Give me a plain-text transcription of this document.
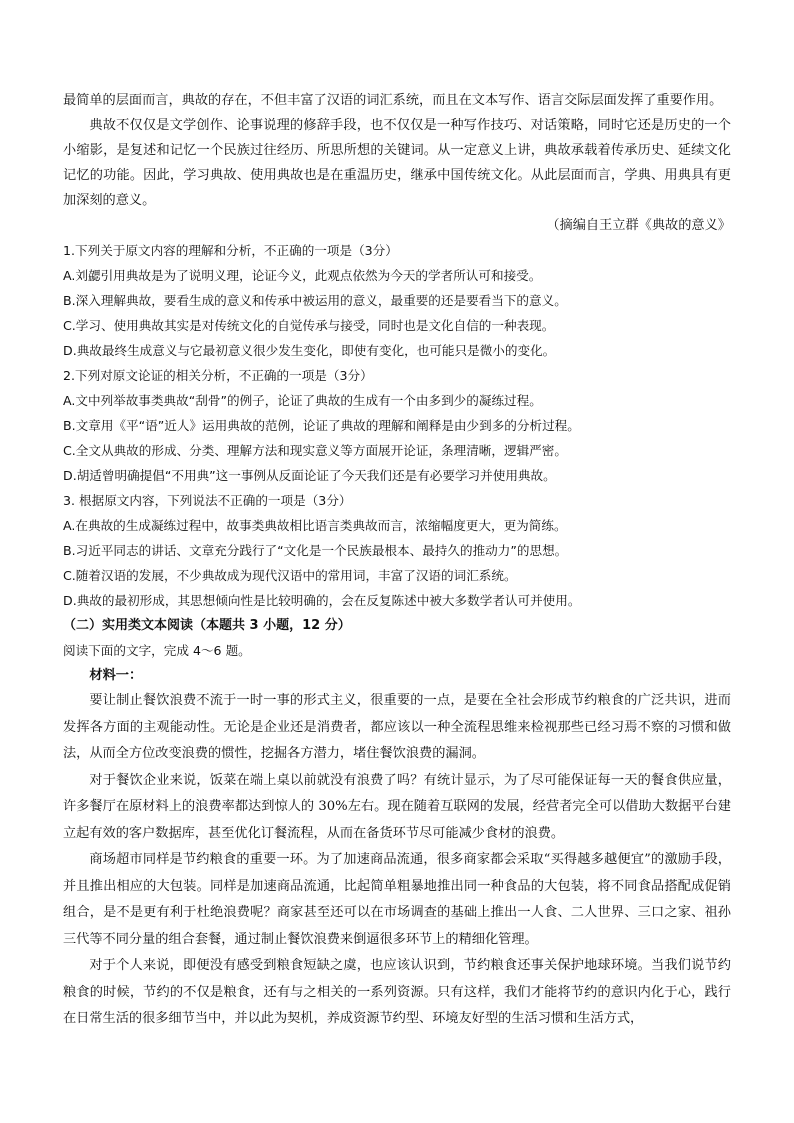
最简单的层面而言，典故的存在，不但丰富了汉语的词汇系统，而且在文本写作、语言交际层面发挥了重要作用。

典故不仅仅是文学创作、论事说理的修辞手段，也不仅仅是一种写作技巧、对话策略，同时它还是历史的一个小缩影，是复述和记忆一个民族过往经历、所思所想的关键词。从一定意义上讲，典故承载着传承历史、延续文化记忆的功能。因此，学习典故、使用典故也是在重温历史，继承中国传统文化。从此层面而言，学典、用典具有更加深刻的意义。

（摘编自王立群《典故的意义》

1.下列关于原文内容的理解和分析，不正确的一项是（3分）

A.刘勰引用典故是为了说明义理，论证今义，此观点依然为今天的学者所认可和接受。

B.深入理解典故，要看生成的意义和传承中被运用的意义，最重要的还是要看当下的意义。

C.学习、使用典故其实是对传统文化的自觉传承与接受，同时也是文化自信的一种表现。

D.典故最终生成意义与它最初意义很少发生变化，即使有变化，也可能只是微小的变化。

2.下列对原文论证的相关分析，不正确的一项是（3分）

A.文中列举故事类典故“刮骨”的例子，论证了典故的生成有一个由多到少的凝练过程。

B.文章用《平“语”近人》运用典故的范例，论证了典故的理解和阐释是由少到多的分析过程。

C.全文从典故的形成、分类、理解方法和现实意义等方面展开论证，条理清晰，逻辑严密。

D.胡适曾明确提倡“不用典”这一事例从反面论证了今天我们还是有必要学习并使用典故。

3. 根据原文内容，下列说法不正确的一项是（3分）

A.在典故的生成凝练过程中，故事类典故相比语言类典故而言，浓缩幅度更大，更为简练。

B.习近平同志的讲话、文章充分践行了“文化是一个民族最根本、最持久的推动力”的思想。

C.随着汉语的发展，不少典故成为现代汉语中的常用词，丰富了汉语的词汇系统。

D.典故的最初形成，其思想倾向性是比较明确的，会在反复陈述中被大多数学者认可并使用。

（二）实用类文本阅读（本题共 3 小题，12 分）

阅读下面的文字，完成 4～6 题。

材料一：

要让制止餐饮浪费不流于一时一事的形式主义，很重要的一点，是要在全社会形成节约粮食的广泛共识，进而发挥各方面的主观能动性。无论是企业还是消费者，都应该以一种全流程思维来检视那些已经习焉不察的习惯和做法，从而全方位改变浪费的惯性，挖掘各方潜力，堵住餐饮浪费的漏洞。

对于餐饮企业来说，饭菜在端上桌以前就没有浪费了吗？有统计显示，为了尽可能保证每一天的餐食供应量，许多餐厅在原材料上的浪费率都达到惊人的 30%左右。现在随着互联网的发展，经营者完全可以借助大数据平台建立起有效的客户数据库，甚至优化订餐流程，从而在备货环节尽可能减少食材的浪费。

商场超市同样是节约粮食的重要一环。为了加速商品流通，很多商家都会采取“买得越多越便宜”的激励手段，并且推出相应的大包装。同样是加速商品流通，比起简单粗暴地推出同一种食品的大包装，将不同食品搭配成促销组合，是不是更有利于杜绝浪费呢？商家甚至还可以在市场调查的基础上推出一人食、二人世界、三口之家、祖孙三代等不同分量的组合套餐，通过制止餐饮浪费来倒逼很多环节上的精细化管理。

对于个人来说，即便没有感受到粮食短缺之虞，也应该认识到，节约粮食还事关保护地球环境。当我们说节约粮食的时候，节约的不仅是粮食，还有与之相关的一系列资源。只有这样，我们才能将节约的意识内化于心，践行在日常生活的很多细节当中，并以此为契机，养成资源节约型、环境友好型的生活习惯和生活方式，
